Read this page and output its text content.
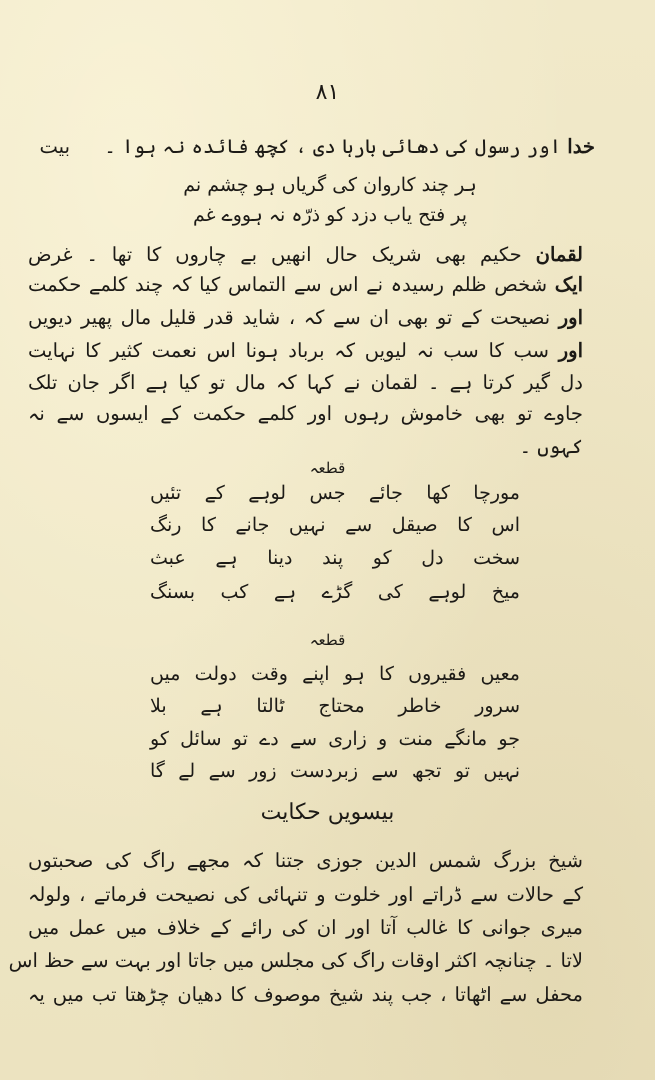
۸۱
خدا اور رسول کی دھائی بارہا دی ، کچھ فائدہ نہ ہوا ۔  بیت
ہر چند کاروان کی گریاں ہو چشم نم
پر فتح یاب دزد کو ذرّہ نہ ہووے غم
لقمان حکیم بھی شریک حال انھیں بے چاروں کا تھا ۔ غرض
ایک شخص ظلم رسیدہ نے اس سے التماس کیا کہ چند کلمے حکمت
اور نصیحت کے تو بھی ان سے کہ ، شاید قدر قلیل مال پھیر دیویں
اور سب کا سب نہ لیویں کہ برباد ہونا اس نعمت کثیر کا نہایت
دل گیر کرتا ہے ۔ لقمان نے کہا کہ مال تو کیا ہے اگر جان تلک
جاوے تو بھی خاموش رہوں اور کلمے حکمت کے ایسوں سے نہ
کہوں ۔
قطعہ
مورچا کھا جائے جس لوہے کے تئیں
اس کا صیقل سے نہیں جانے کا رنگ
سخت دل کو پند دینا ہے عبث
میخ لوہے کی گڑے ہے کب بسنگ
قطعہ
معیں فقیروں کا ہو اپنے وقت دولت میں
سرور خاطر محتاج ٹالتا ہے بلا
جو مانگے منت و زاری سے دے تو سائل کو
نہیں تو تجھ سے زبردست زور سے لے گا
بیسویں حکایت
شیخ بزرگ شمس الدین جوزی جتنا کہ مجھے راگ کی صحبتوں
کے حالات سے ڈراتے اور خلوت و تنہائی کی نصیحت فرماتے ، ولولہ
میری جوانی کا غالب آتا اور ان کی رائے کے خلاف میں عمل میں
لاتا ۔ چنانچہ اکثر اوقات راگ کی مجلس میں جاتا اور بہت سے حظ اس
محفل سے اٹھاتا ، جب پند شیخ موصوف کا دھیان چڑھتا تب میں یہ
